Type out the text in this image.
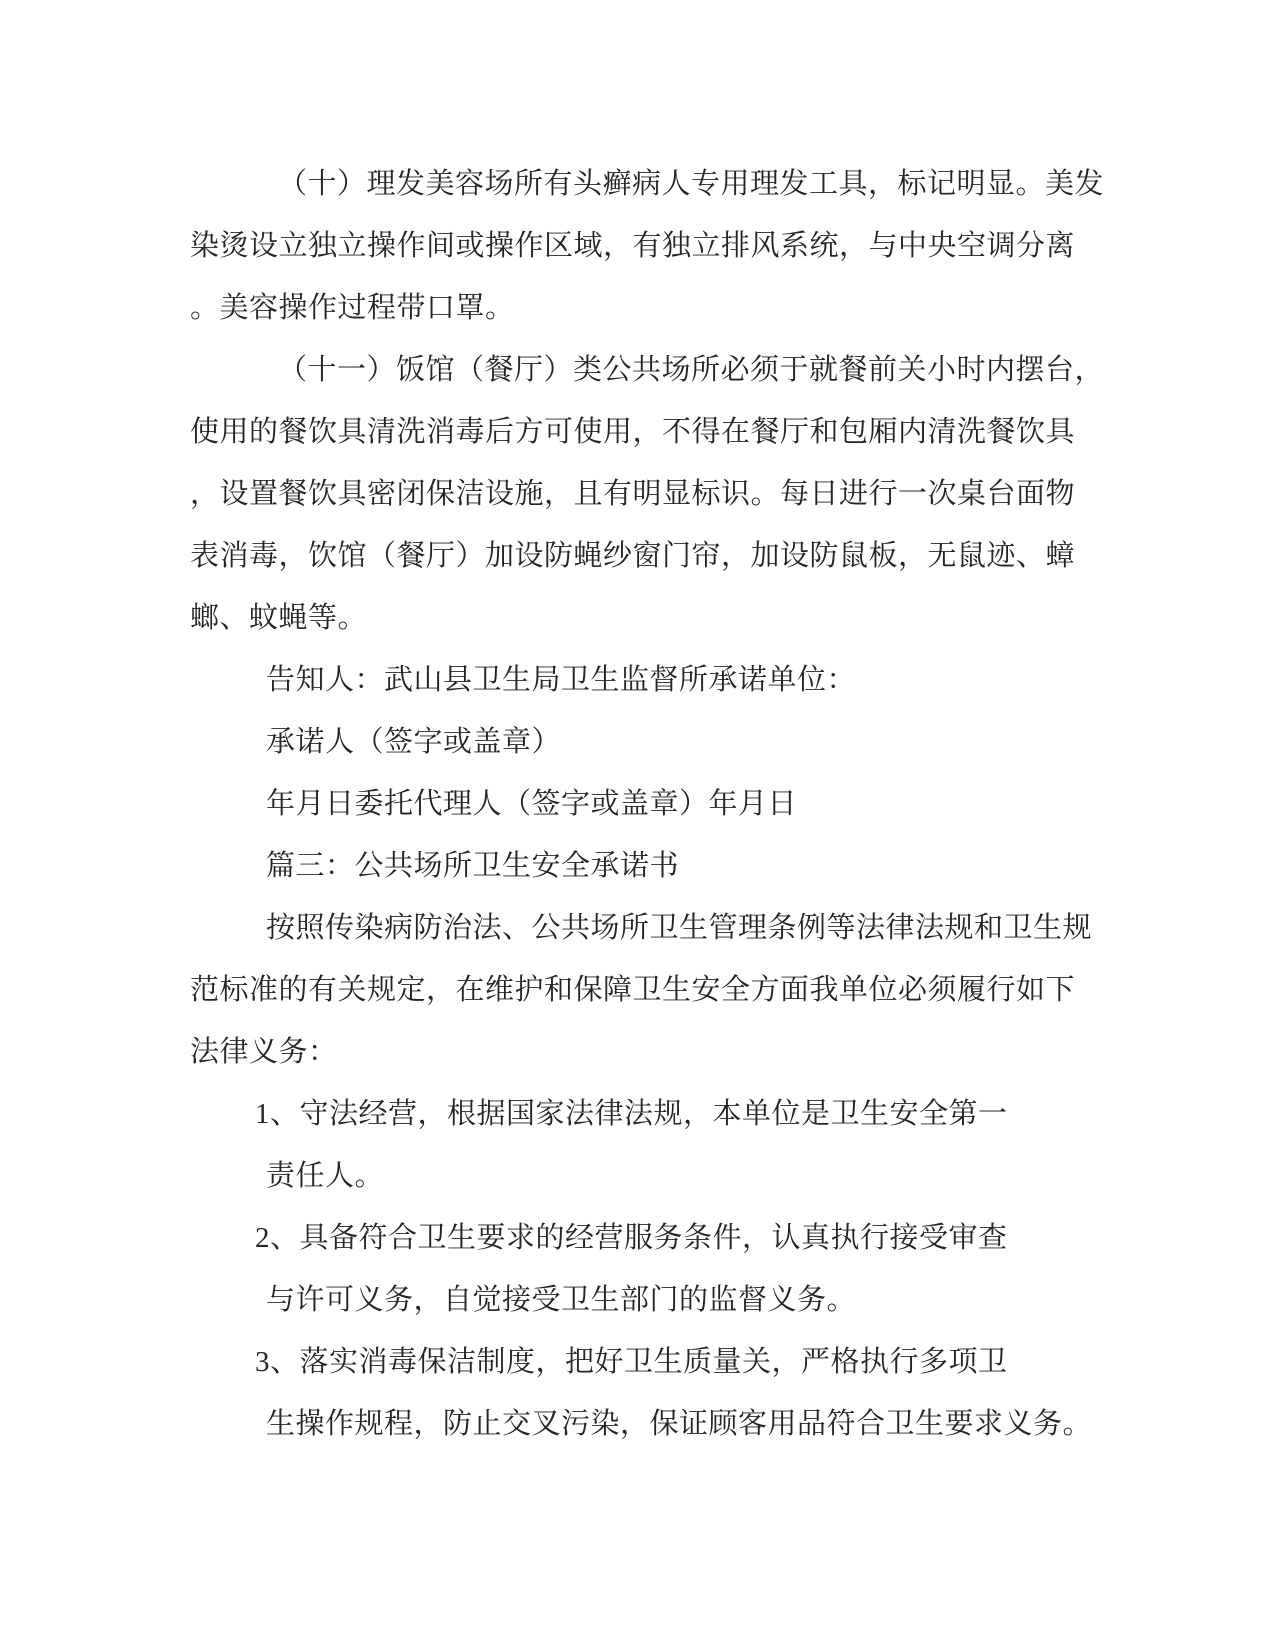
（十）理发美容场所有头癣病人专用理发工具，标记明显。美发
染烫设立独立操作间或操作区域，有独立排风系统，与中央空调分离
。美容操作过程带口罩。
（十一）饭馆（餐厅）类公共场所必须于就餐前关小时内摆台，
使用的餐饮具清洗消毒后方可使用，不得在餐厅和包厢内清洗餐饮具
，设置餐饮具密闭保洁设施，且有明显标识。每日进行一次桌台面物
表消毒，饮馆（餐厅）加设防蝇纱窗门帘，加设防鼠板，无鼠迹、蟑
螂、蚊蝇等。
告知人：武山县卫生局卫生监督所承诺单位：
承诺人（签字或盖章）
年月日委托代理人（签字或盖章）年月日
篇三：公共场所卫生安全承诺书
按照传染病防治法、公共场所卫生管理条例等法律法规和卫生规
范标准的有关规定，在维护和保障卫生安全方面我单位必须履行如下
法律义务：
1、守法经营，根据国家法律法规，本单位是卫生安全第一
责任人。
2、具备符合卫生要求的经营服务条件，认真执行接受审查
与许可义务，自觉接受卫生部门的监督义务。
3、落实消毒保洁制度，把好卫生质量关，严格执行多项卫
生操作规程，防止交叉污染，保证顾客用品符合卫生要求义务。
